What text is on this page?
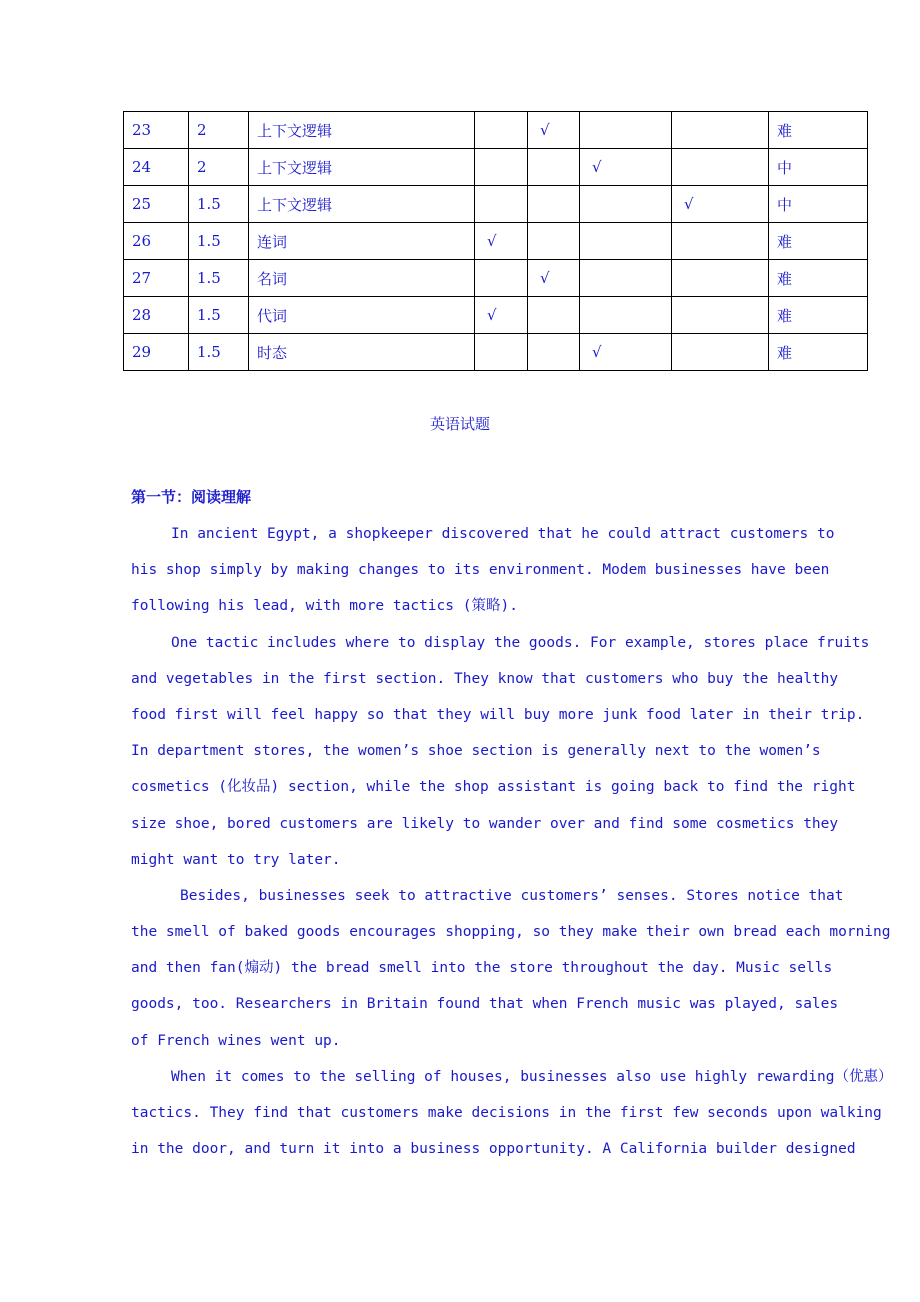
23	2	上下文逻辑		√			难
24	2	上下文逻辑			√		中
25	1.5	上下文逻辑				√	中
26	1.5	连词	√				难
27	1.5	名词		√			难
28	1.5	代词	√				难
29	1.5	时态			√		难
英语试题
第一节：阅读理解
In ancient Egypt, a shopkeeper discovered that he could attract customers to
his shop simply by making changes to its environment. Modem businesses have been
following his lead, with more tactics (策略).
One tactic includes where to display the goods. For example, stores place fruits
and vegetables in the first section. They know that customers who buy the healthy
food first will feel happy so that they will buy more junk food later in their trip.
In department stores, the women’s shoe section is generally next to the women’s
cosmetics (化妆品) section, while the shop assistant is going back to find the right
size shoe, bored customers are likely to wander over and find some cosmetics they
might want to try later.
Besides, businesses seek to attractive customers’ senses. Stores notice that
the smell of baked goods encourages shopping, so they make their own bread each morning
and then fan(煽动) the bread smell into the store throughout the day. Music sells
goods, too. Researchers in Britain found that when French music was played, sales
of French wines went up.
When it comes to the selling of houses, businesses also use highly rewarding（优惠）
tactics. They find that customers make decisions in the first few seconds upon walking
in the door, and turn it into a business opportunity. A California builder designed
